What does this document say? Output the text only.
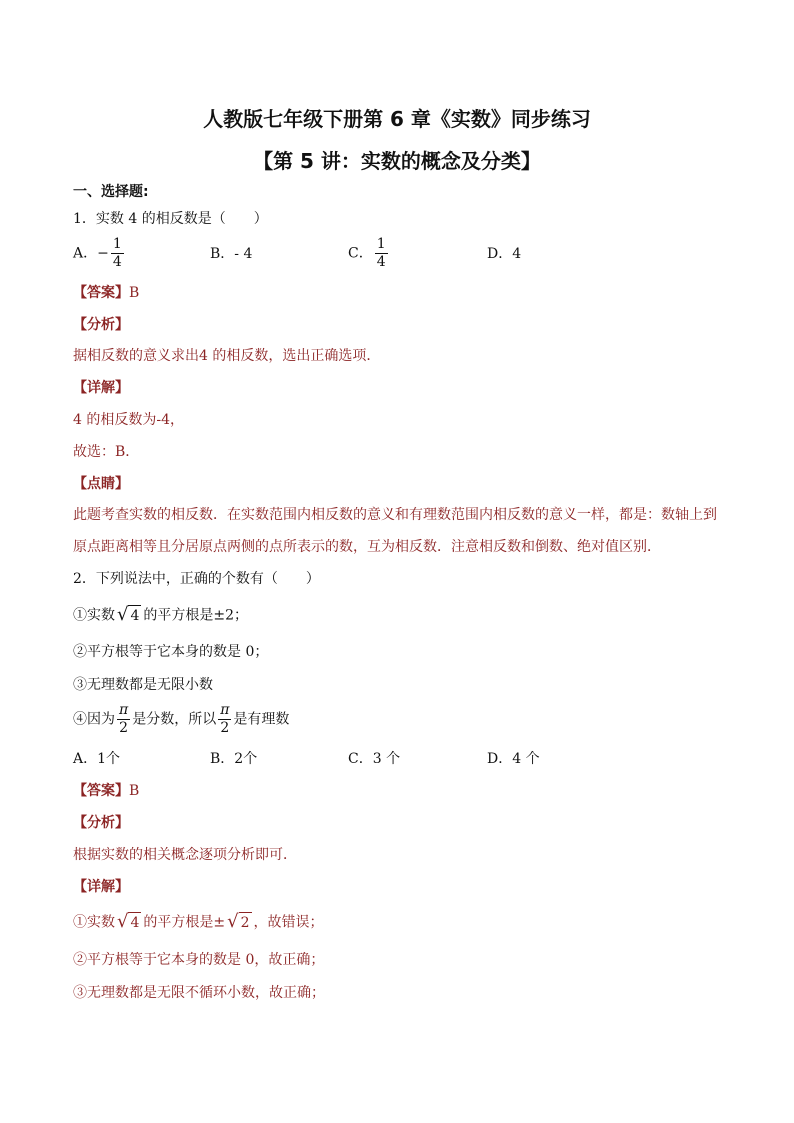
人教版七年级下册第 6 章《实数》同步练习
【第 5 讲：实数的概念及分类】
一、选择题:
1．实数 4 的相反数是（　　）
A．− $\frac{1}{4}$	B．- 4	C． $\frac{1}{4}$	D．4
【答案】B
【分析】
据相反数的意义求出4 的相反数，选出正确选项．
【详解】
4 的相反数为-4，
故选：B．
【点睛】
此题考查实数的相反数．在实数范围内相反数的意义和有理数范围内相反数的意义一样，都是：数轴上到原点距离相等且分居原点两侧的点所表示的数，互为相反数．注意相反数和倒数、绝对值区别．
2．下列说法中，正确的个数有（　　）
①实数 √ 4 的平方根是±2；
②平方根等于它本身的数是 0；
③无理数都是无限小数
④因为 $\frac{\pi}{2}$ 是分数，所以 $\frac{\pi}{2}$ 是有理数
A．1个	B．2个	C．3 个	D．4 个
【答案】B
【分析】
根据实数的相关概念逐项分析即可．
【详解】
①实数 √ 4 的平方根是± √ 2 ，故错误；
②平方根等于它本身的数是 0，故正确；
③无理数都是无限不循环小数，故正确；
